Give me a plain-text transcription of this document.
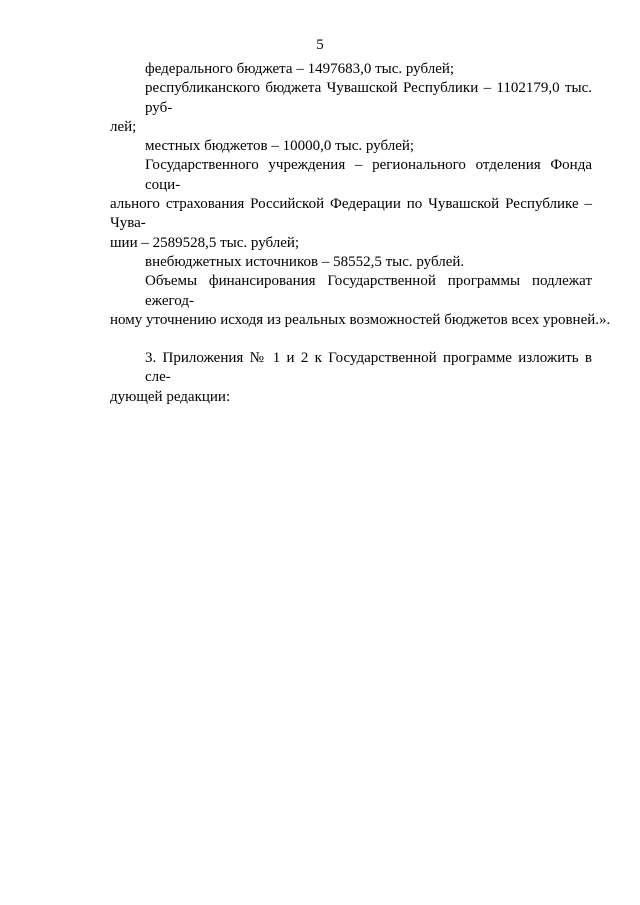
5

федерального бюджета – 1497683,0 тыс. рублей;

республиканского бюджета Чувашской Республики – 1102179,0 тыс. руб-

лей;

местных бюджетов – 10000,0 тыс. рублей;

Государственного учреждения – регионального отделения Фонда соци-

ального страхования Российской Федерации по Чувашской Республике – Чува-

шии – 2589528,5 тыс. рублей;

внебюджетных источников – 58552,5 тыс. рублей.

Объемы финансирования Государственной программы подлежат ежегод-

ному уточнению исходя из реальных возможностей бюджетов всех уровней.».

3. Приложения № 1 и 2 к Государственной программе изложить в сле-

дующей редакции:
